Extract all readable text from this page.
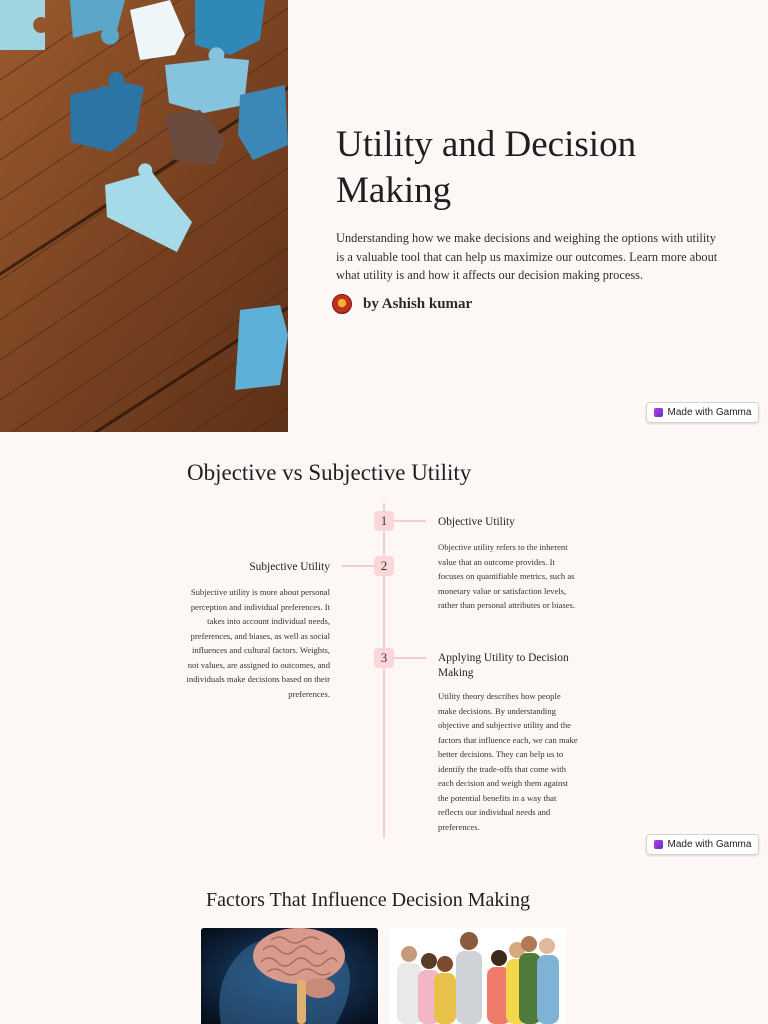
Utility and Decision Making

Understanding how we make decisions and weighing the options with utility is a valuable tool that can help us maximize our outcomes. Learn more about what utility is and how it affects our decision making process.

by Ashish kumar
Made with Gamma
Objective vs Subjective Utility
1	Objective Utility

Objective utility refers to the inherent value that an outcome provides. It focuses on quantifiable metrics, such as monetary value or satisfaction levels, rather than personal attributes or biases.

2
Subjective Utility

Subjective utility is more about personal perception and individual preferences. It takes into account individual needs, preferences, and biases, as well as social influences and cultural factors. Weights, not values, are assigned to outcomes, and individuals make decisions based on their preferences.

3	Applying Utility to Decision Making

Utility theory describes how people make decisions. By understanding objective and subjective utility and the factors that influence each, we can make better decisions. They can help us to identify the trade-offs that come with each decision and weigh them against the potential benefits in a way that reflects our individual needs and preferences.

Made with Gamma
Factors That Influence Decision Making
